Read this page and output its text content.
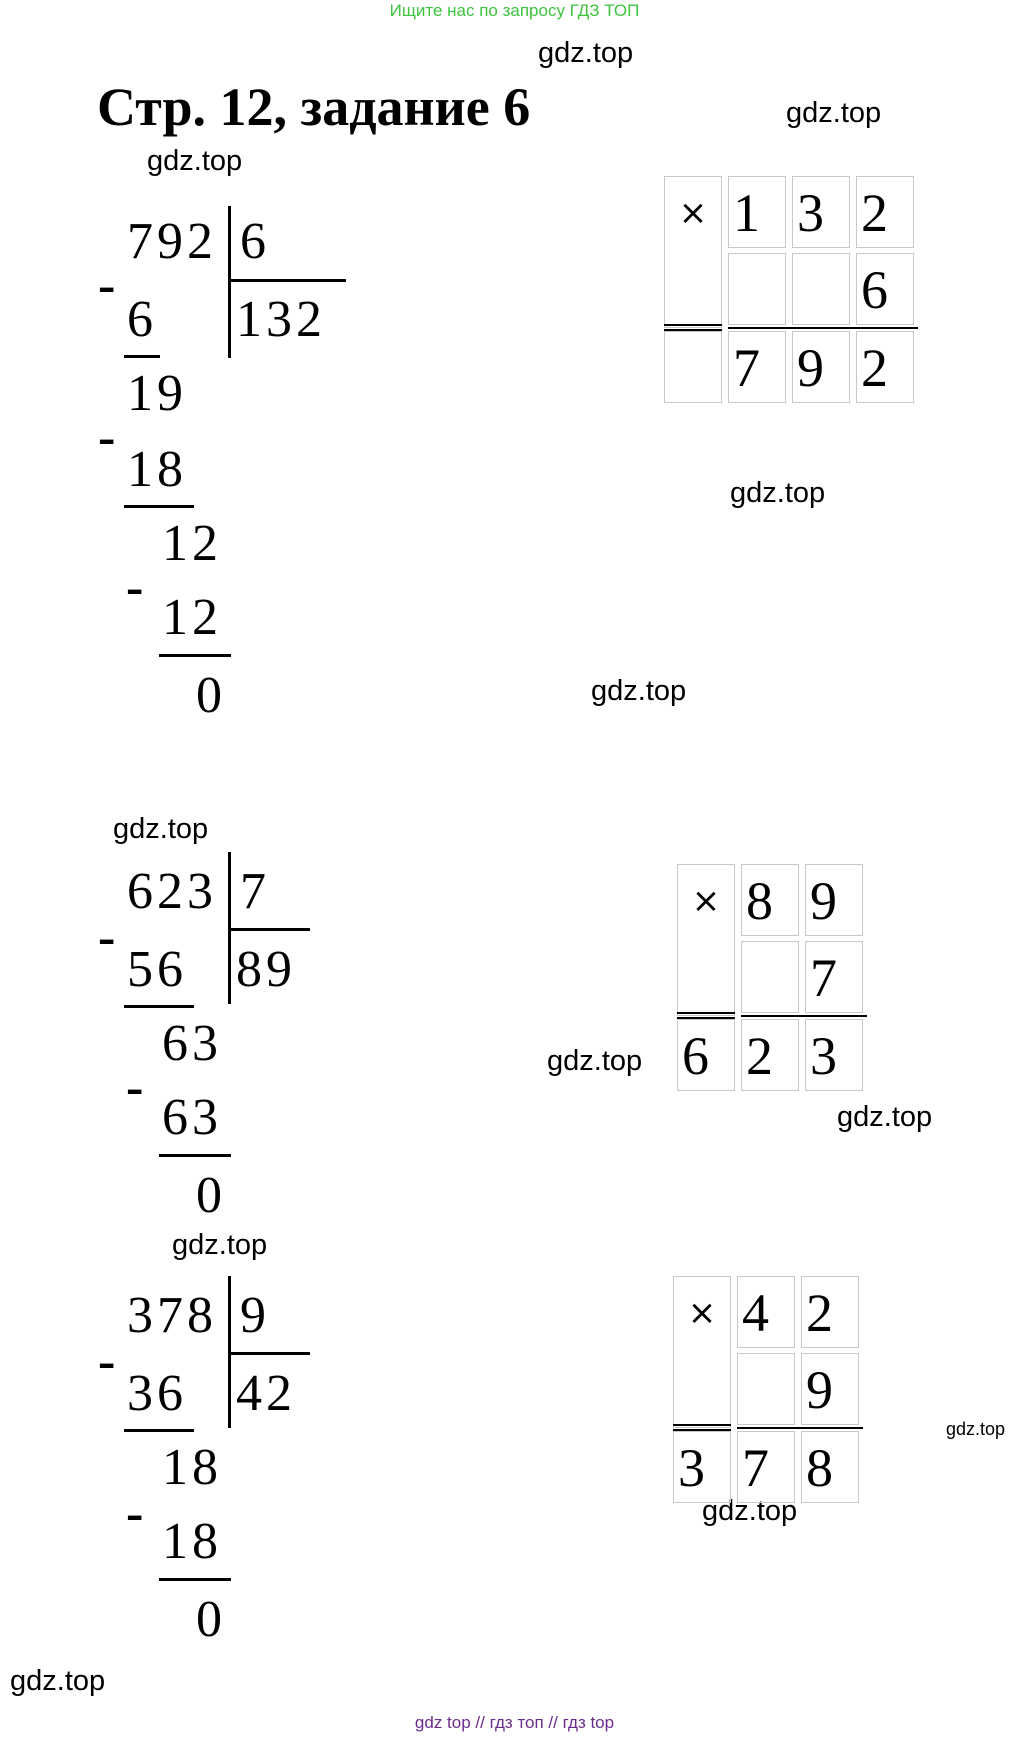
Ищите нас по запросу ГДЗ ТОП
Стр. 12, задание 6
gdz.top
gdz.top
gdz.top
gdz.top
gdz.top
gdz.top
gdz.top
gdz.top
gdz.top
gdz.top
gdz.top
gdz.top
792 6
132
-
6
19
-
18
12
-
12
0
× 1 3 2
6
7 9 2
623 7
89
-
56
63
-
63
0
× 8 9
7
6 2 3
378 9
42
-
36
18
- 18
0
× 4 2
9
3 7 8
gdz top // гдз топ // гдз top
